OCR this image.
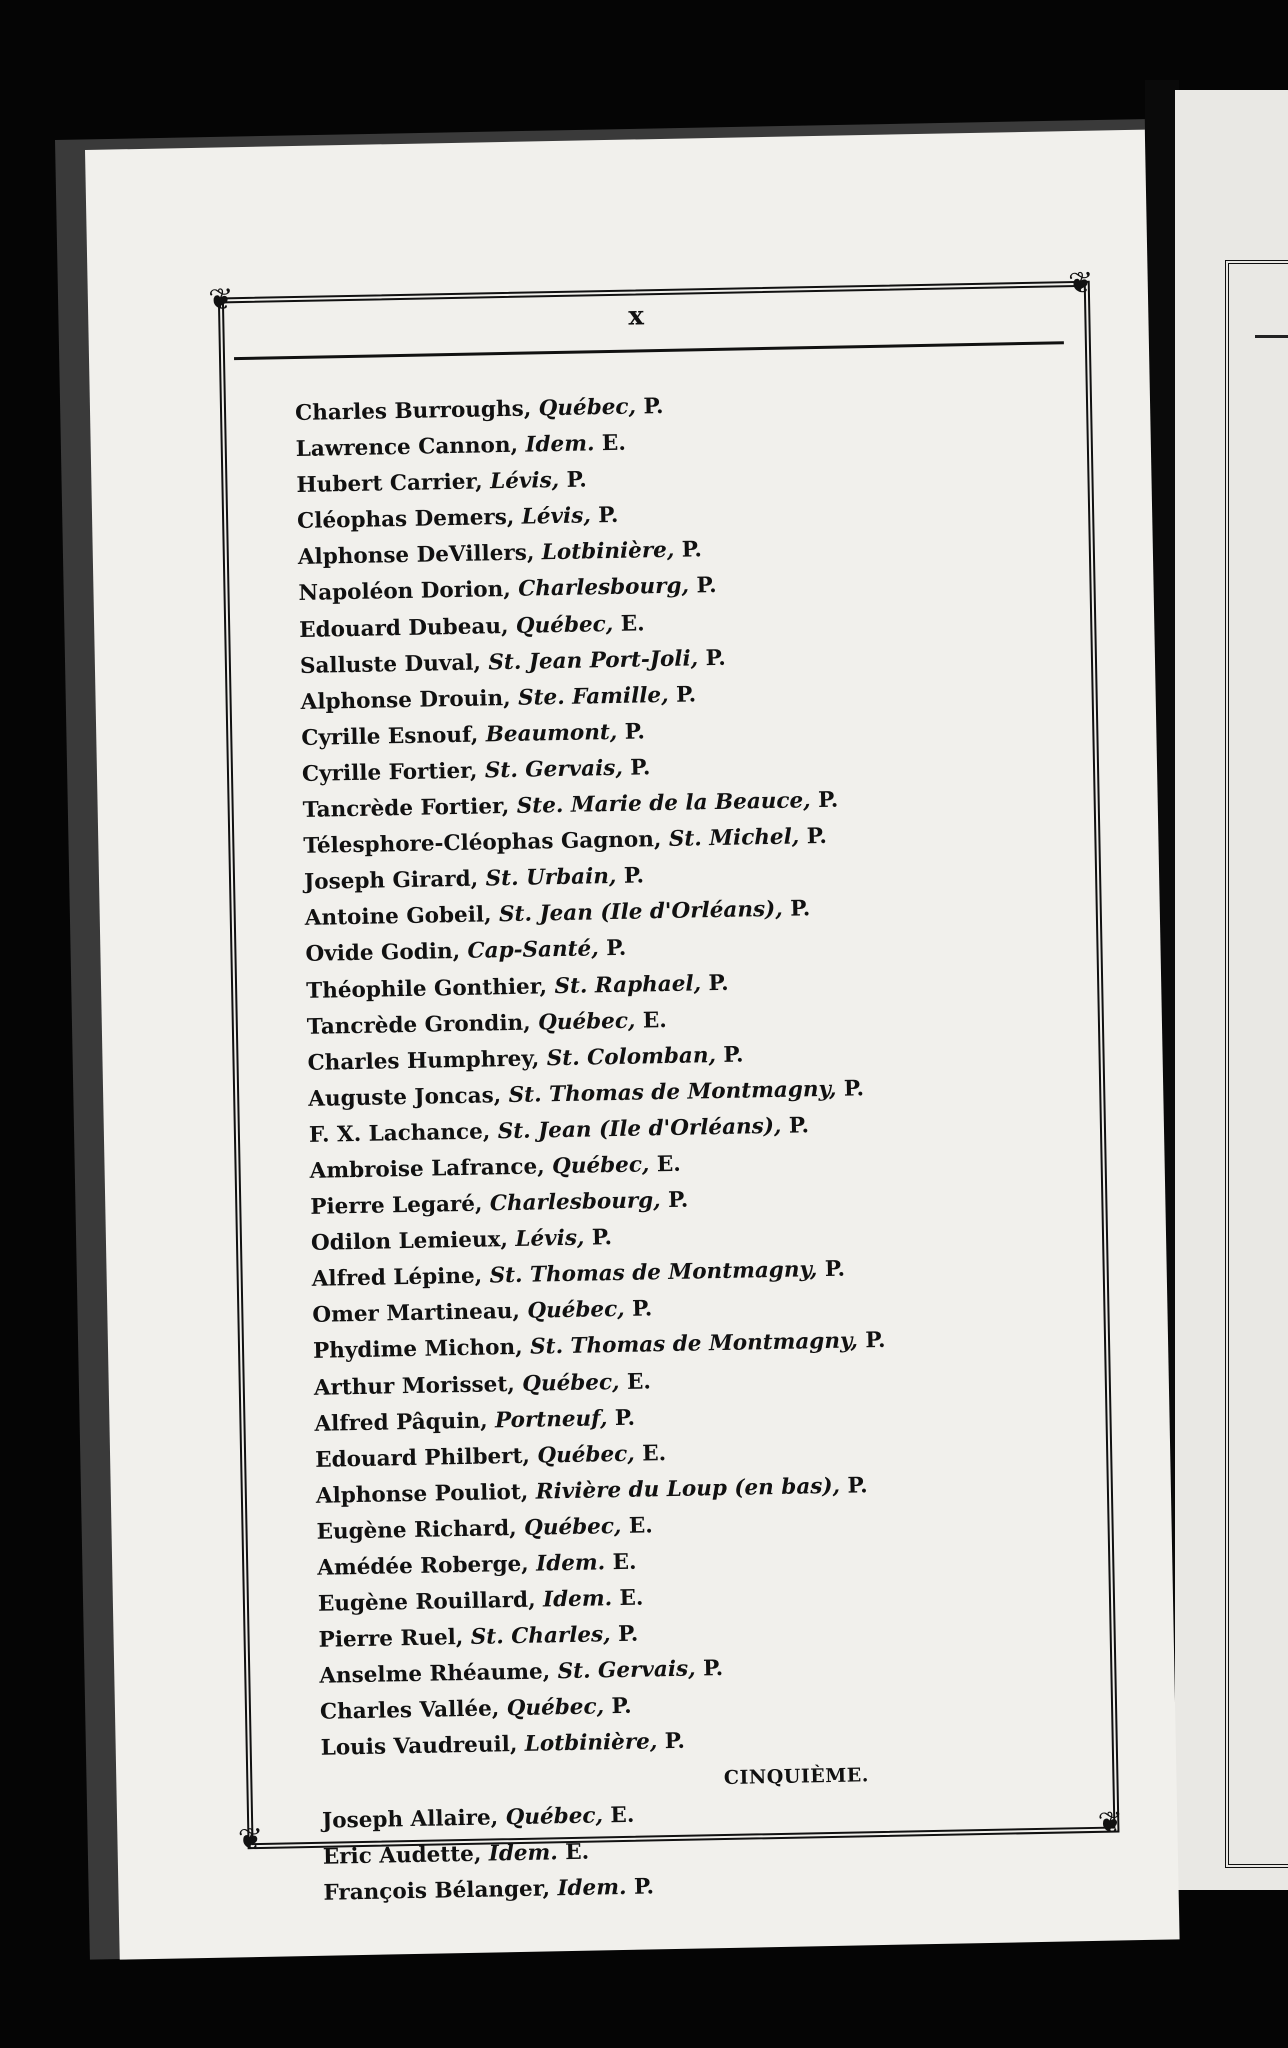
❦	❦
❦	❦
x
Charles Burroughs, Québec, P.
Lawrence Cannon, Idem. E.
Hubert Carrier, Lévis, P.
Cléophas Demers, Lévis, P.
Alphonse DeVillers, Lotbinière, P.
Napoléon Dorion, Charlesbourg, P.
Edouard Dubeau, Québec, E.
Salluste Duval, St. Jean Port-Joli, P.
Alphonse Drouin, Ste. Famille, P.
Cyrille Esnouf, Beaumont, P.
Cyrille Fortier, St. Gervais, P.
Tancrède Fortier, Ste. Marie de la Beauce, P.
Télesphore-Cléophas Gagnon, St. Michel, P.
Joseph Girard, St. Urbain, P.
Antoine Gobeil, St. Jean (Ile d'Orléans), P.
Ovide Godin, Cap-Santé, P.
Théophile Gonthier, St. Raphael, P.
Tancrède Grondin, Québec, E.
Charles Humphrey, St. Colomban, P.
Auguste Joncas, St. Thomas de Montmagny, P.
F. X. Lachance, St. Jean (Ile d'Orléans), P.
Ambroise Lafrance, Québec, E.
Pierre Legaré, Charlesbourg, P.
Odilon Lemieux, Lévis, P.
Alfred Lépine, St. Thomas de Montmagny, P.
Omer Martineau, Québec, P.
Phydime Michon, St. Thomas de Montmagny, P.
Arthur Morisset, Québec, E.
Alfred Pâquin, Portneuf, P.
Edouard Philbert, Québec, E.
Alphonse Pouliot, Rivière du Loup (en bas), P.
Eugène Richard, Québec, E.
Amédée Roberge, Idem. E.
Eugène Rouillard, Idem. E.
Pierre Ruel, St. Charles, P.
Anselme Rhéaume, St. Gervais, P.
Charles Vallée, Québec, P.
Louis Vaudreuil, Lotbinière, P.
CINQUIÈME.
Joseph Allaire, Québec, E.
Eric Audette, Idem. E.
François Bélanger, Idem. P.
